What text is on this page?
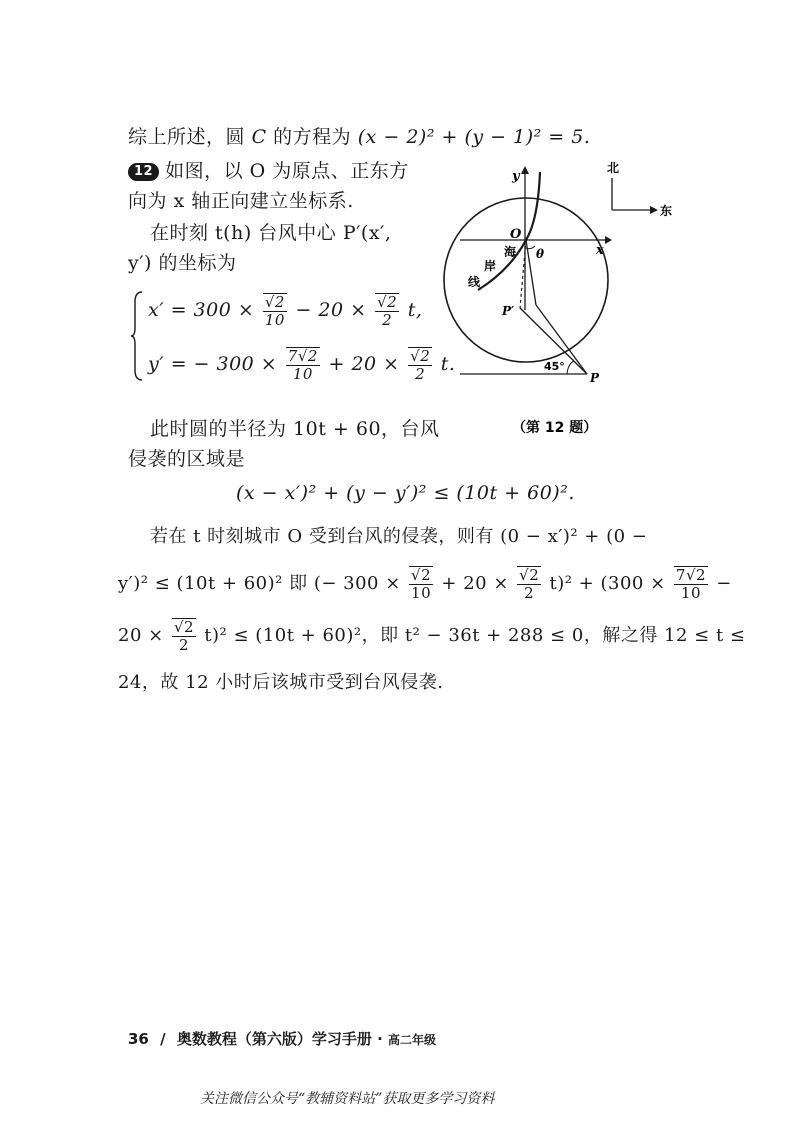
综上所述，圆 C 的方程为 (x − 2)² + (y − 1)² = 5.
12 如图，以 O 为原点、正东方
向为 x 轴正向建立坐标系.
在时刻 t(h) 台风中心 P′(x′,
y′) 的坐标为
$x' = 300 \times \frac{√2}{10} - 20 \times \frac{√2}{2} t$,
y′ = − $300 \times \frac{7√2}{10} + 20 \times \frac{√2}{2} t$.
此时圆的半径为 10t + 60，台风
侵袭的区域是
(x − x′)² + (y − y′)² ≤ (10t + 60)².
若在 t 时刻城市 O 受到台风的侵袭，则有 (0 − x′)² + (0 −
y′)² ≤ (10t + 60)² 即 (− $300 \times \frac{√2}{10} + 20 \times \frac{√2}{2} t)^2 + (300 \times \frac{7√2}{10}$ −
$20 \times \frac{√2}{2} t)^2 \le (10t + 60)^2$，即 t² − 36t + 288 ≤ 0，解之得 12 ≤ t ≤
24，故 12 小时后该城市受到台风侵袭.
北
东
x
y
O
海
岸
线
θ
45°
P′
P
（第 12 题）
36 / 奥数教程（第六版）学习手册 · 高二年级
关注微信公众号“教辅资料站”获取更多学习资料
